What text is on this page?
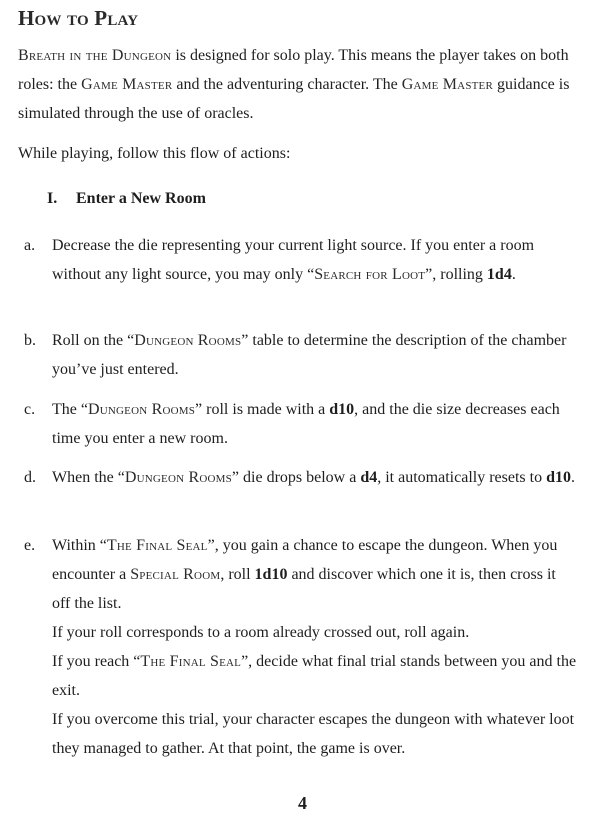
How to Play

Breath in the Dungeon is designed for solo play. This means the player takes on both roles: the Game Master and the adventuring character. The Game Master guidance is simulated through the use of oracles.

While playing, follow this flow of actions:
I. Enter a New Room
a.	Decrease the die representing your current light source. If you enter a room without any light source, you may only “Search for Loot”, rolling 1d4.
b.	Roll on the “Dungeon Rooms” table to determine the description of the chamber you’ve just entered.
c.	The “Dungeon Rooms” roll is made with a d10, and the die size decreases each time you enter a new room.
d.	When the “Dungeon Rooms” die drops below a d4, it automatically resets to d10.
e.	Within “The Final Seal”, you gain a chance to escape the dungeon. When you encounter a Special Room, roll 1d10 and discover which one it is, then cross it off the list.

If your roll corresponds to a room already crossed out, roll again.

If you reach “The Final Seal”, decide what final trial stands between you and the exit.

If you overcome this trial, your character escapes the dungeon with whatever loot they managed to gather. At that point, the game is over.

4
